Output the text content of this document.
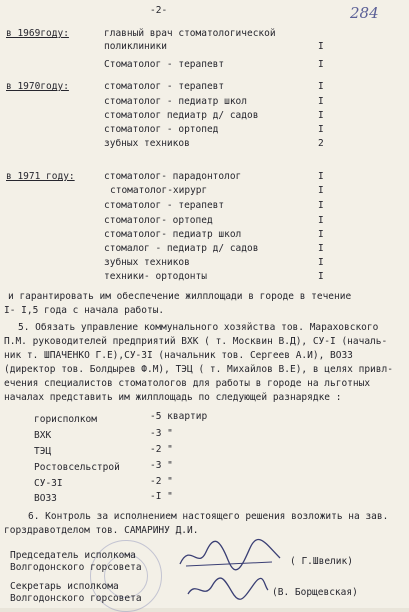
-2-	284
в 1969году:	главный врач стоматологической
поликлиники	I
Стоматолог - терапевт	I
в 1970году:	стоматолог - терапевт	I
стоматолог - педиатр школ	I
стоматолог педиатр д/ садов	I
стоматолог - ортопед	I
зубных техников	2
в 1971 году:	стоматолог- парадонтолог	I
стоматолог-хирург	I
стоматолог - терапевт	I
стоматолог- ортопед	I
стоматолог- педиатр школ	I
стомалог - педиатр д/ садов	I
зубных техников	I
техники- ортодонты	I
и гарантировать им обеспечение жилплощади в городе в течение
I- I,5 года с начала работы.
5. Обязать управление коммунального хозяйства тов. Мараховского
П.М. руководителей предприятий ВХК ( т. Москвин В.Д), СУ-I (началь-
ник т. ШПАЧЕНКО Г.Е),СУ-3I (начальник тов. Сергеев А.И), ВОЗЗ
(директор тов. Болдырев Ф.М), ТЭЦ ( т. Михайлов В.Е), в целях привл-
ечения специалистов стоматологов для работы в городе на льготных
началах представить им жилплощадь по следующей разнарядке :
горисполком	-5 квартир
ВХК	-3 "
ТЭЦ	-2 "
Ростовсельстрой	-3 "
СУ-3I	-2 "
ВОЗЗ	-I "
6. Контроль за исполнением настоящего решения возложить на зав.
горздравотделом тов. САМАРИНУ Д.И.
Председатель исполкома
Волгодонского горсовета
( Г.Швелик)
Секретарь исполкома
Волгодонского горсовета
(В. Борщевская)
